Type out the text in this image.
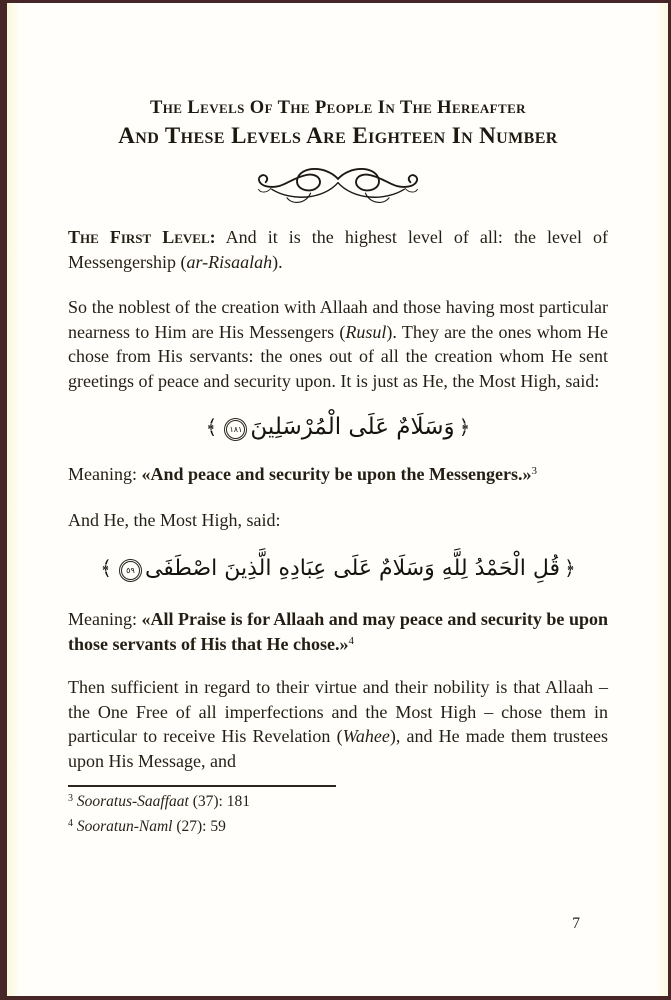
The Levels Of The People In The Hereafter
And These Levels Are Eighteen In Number

The First Level: And it is the highest level of all: the level of Messengership (ar-Risaalah).

So the noblest of the creation with Allaah and those having most particular nearness to Him are His Messengers (Rusul). They are the ones whom He chose from His servants: the ones out of all the creation whom He sent greetings of peace and security upon. It is just as He, the Most High, said:

﴿وَسَلَامٌ عَلَى الْمُرْسَلِينَ١٨١﴾

Meaning: «And peace and security be upon the Messengers.»$^3$

And He, the Most High, said:

﴿قُلِ الْحَمْدُ لِلَّهِ وَسَلَامٌ عَلَى عِبَادِهِ الَّذِينَ اصْطَفَى٥٩﴾

Meaning: «All Praise is for Allaah and may peace and security be upon those servants of His that He chose.»$^4$

Then sufficient in regard to their virtue and their nobility is that Allaah – the One Free of all imperfections and the Most High – chose them in particular to receive His Revelation (Wahee), and He made them trustees upon His Message, and

$^3$ Sooratus-Saaffaat (37): 181
$^4$ Sooratun-Naml (27): 59
7
